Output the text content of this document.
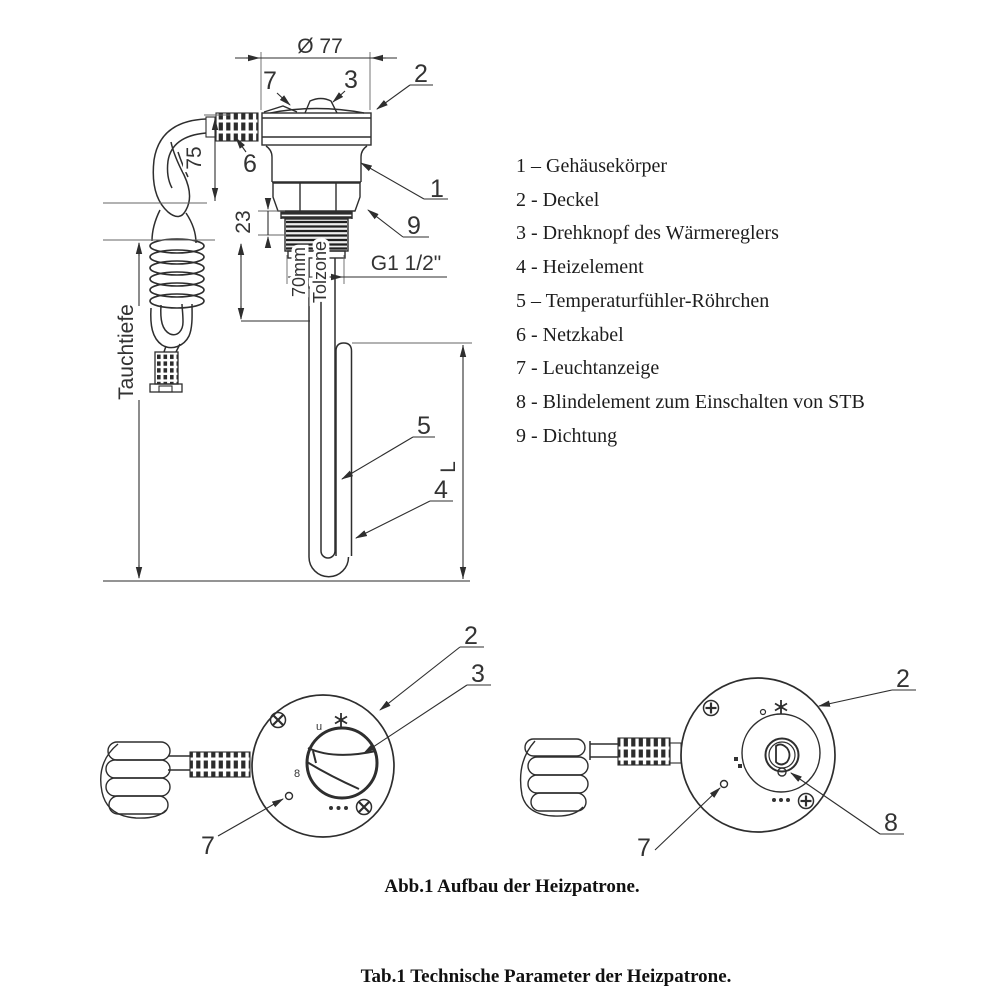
Ø 77
75
Tauchtiefe
70mm Tolzone
23
G1 1/2"
L
7	3 2
6
1
9
5
4
2
3
7
2
7
8
u
8
1 – Gehäusekörper
2 - Deckel
3 - Drehknopf des Wärmereglers
4 - Heizelement
5 – Temperaturfühler-Röhrchen
6 - Netzkabel
7 - Leuchtanzeige
8 - Blindelement zum Einschalten von STB
9 - Dichtung
Abb.1 Aufbau der Heizpatrone.
Tab.1 Technische Parameter der Heizpatrone.
